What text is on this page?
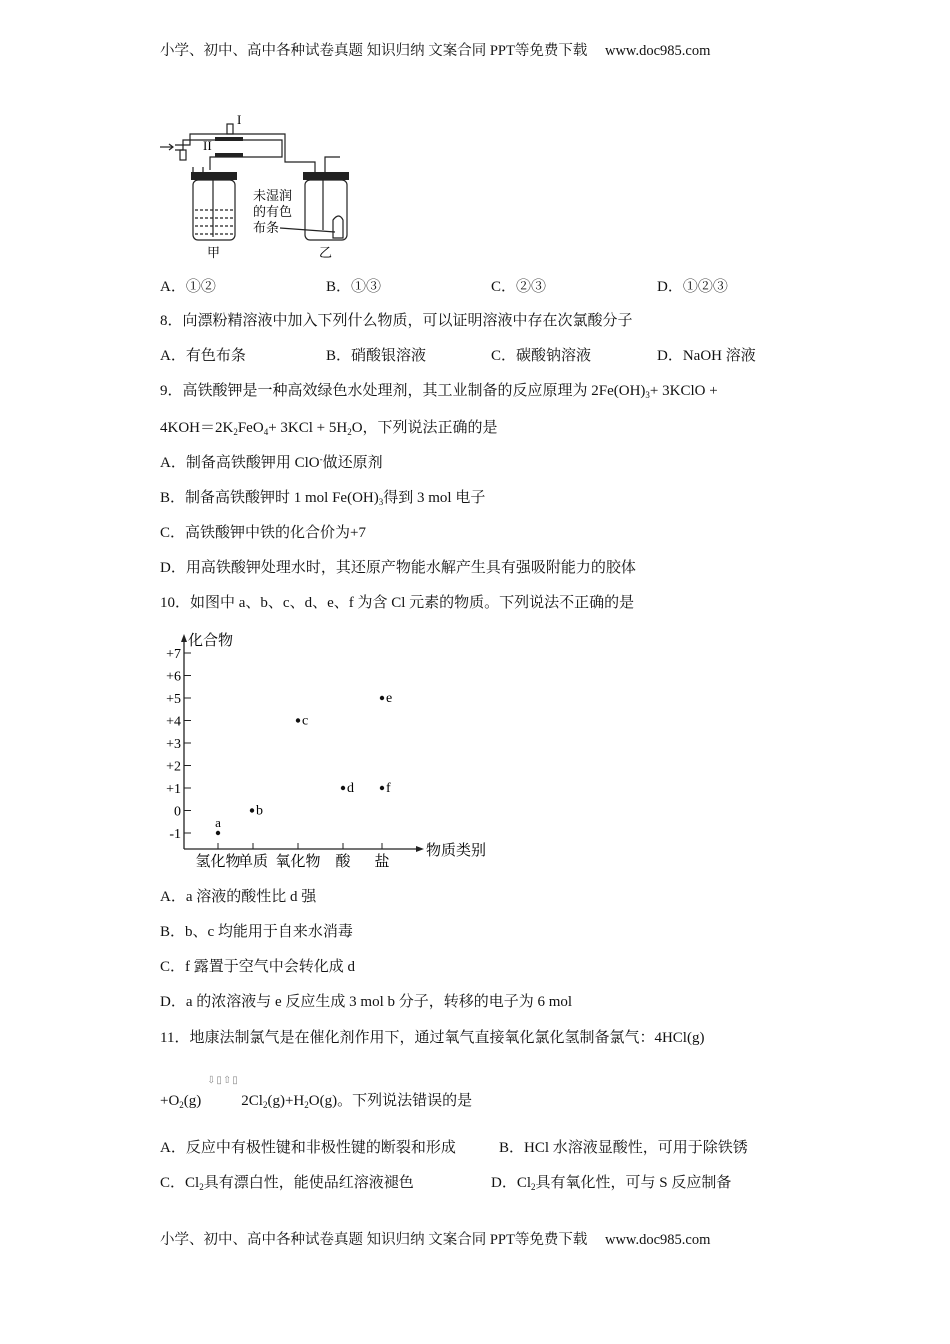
小学、初中、高中各种试卷真题 知识归纳 文案合同 PPT等免费下载 www.doc985.com
I
II
未湿润
的有色
布条
甲	乙
A．①②	B．①③	C．②③	D．①②③
8．向漂粉精溶液中加入下列什么物质，可以证明溶液中存在次氯酸分子
A．有色布条	B．硝酸银溶液	C．碳酸钠溶液	D．NaOH 溶液
9．高铁酸钾是一种高效绿色水处理剂，其工业制备的反应原理为 $2Fe(OH)_3+$ 3KClO +
$4KOH=2K_2FeO_4+ 3KCl + 5H_2O$，下列说法正确的是
A．制备高铁酸钾用 ClO-做还原剂
B．制备高铁酸钾时 1 mol $Fe(OH)_3$得到 3 mol 电子
C．高铁酸钾中铁的化合价为+7
D．用高铁酸钾处理水时，其还原产物能水解产生具有强吸附能力的胶体
10．如图中 a、b、c、d、e、f 为含 Cl 元素的物质。下列说法不正确的是
化合物
物质类别
+7
+6
+5
+4
+3
+2
+1
0
-1
氢化物
单质 氧化物 酸 盐
a
b
c
d
e
f
A．a 溶液的酸性比 d 强
B．b、c 均能用于自来水消毒
C．f 露置于空气中会转化成 d
D．a 的浓溶液与 e 反应生成 3 mol b 分子，转移的电子为 6 mol
11．地康法制氯气是在催化剂作用下，通过氧气直接氧化氯化氢制备氯气：4HCl(g)
⇩▯⇧▯
$+O_2(g)$	$2Cl_2(g)+H_2O(g)$。下列说法错误的是
A．反应中有极性键和非极性键的断裂和形成	B．HCl 水溶液显酸性，可用于除铁锈
C．$Cl_2$具有漂白性，能使品红溶液褪色	D．$Cl_2$具有氧化性，可与 S 反应制备
小学、初中、高中各种试卷真题 知识归纳 文案合同 PPT等免费下载 www.doc985.com
